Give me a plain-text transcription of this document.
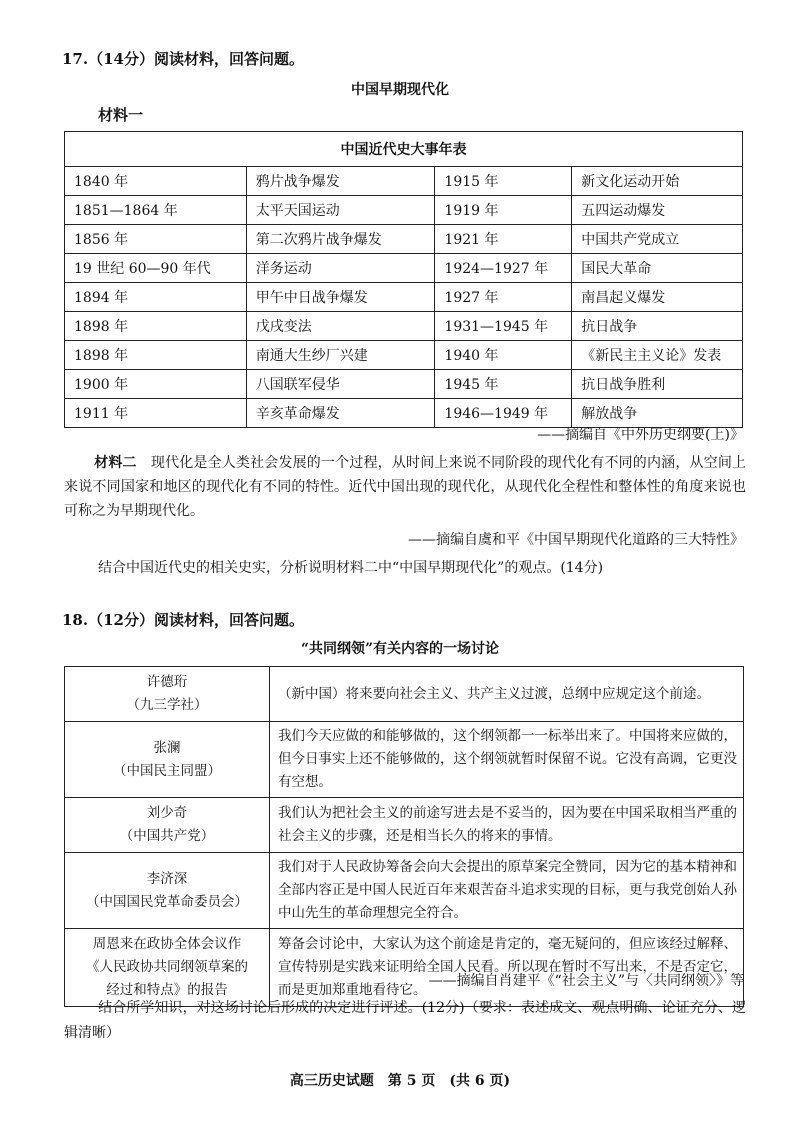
17.（14分）阅读材料，回答问题。
中国早期现代化
材料一
中国近代史大事年表			
1840 年	鸦片战争爆发	1915 年	新文化运动开始
1851—1864 年	太平天国运动	1919 年	五四运动爆发
1856 年	第二次鸦片战争爆发	1921 年	中国共产党成立
19 世纪 60—90 年代	洋务运动	1924—1927 年	国民大革命
1894 年	甲午中日战争爆发	1927 年	南昌起义爆发
1898 年	戊戌变法	1931—1945 年	抗日战争
1898 年	南通大生纱厂兴建	1940 年	《新民主主义论》发表
1900 年	八国联军侵华	1945 年	抗日战争胜利
1911 年	辛亥革命爆发	1946—1949 年	解放战争
——摘编自《中外历史纲要(上)》
材料二　 现代化是全人类社会发展的一个过程，从时间上来说不同阶段的现代化有不同的内涵，从空间上来说不同国家和地区的现代化有不同的特性。近代中国出现的现代化，从现代化全程性和整体性的角度来说也可称之为早期现代化。
——摘编自虞和平《中国早期现代化道路的三大特性》
结合中国近代史的相关史实，分析说明材料二中“中国早期现代化”的观点。(14分)
18.（12分）阅读材料，回答问题。
“共同纲领”有关内容的一场讨论
许德珩
（九三学社）	（新中国）将来要向社会主义、共产主义过渡，总纲中应规定这个前途。

张澜
（中国民主同盟）	我们今天应做的和能够做的，这个纲领都一一标举出来了。中国将来应做的，但今日事实上还不能够做的，这个纲领就暂时保留不说。它没有高调，它更没有空想。

刘少奇
（中国共产党）	我们认为把社会主义的前途写进去是不妥当的，因为要在中国采取相当严重的社会主义的步骤，还是相当长久的将来的事情。

李济深
（中国国民党革命委员会）	我们对于人民政协筹备会向大会提出的原草案完全赞同，因为它的基本精神和全部内容正是中国人民近百年来艰苦奋斗追求实现的目标，更与我党创始人孙中山先生的革命理想完全符合。

周恩来在政协全体会议作
《人民政协共同纲领草案的
经过和特点》的报告	筹备会讨论中，大家认为这个前途是肯定的，毫无疑问的，但应该经过解释、宣传特别是实践来证明给全国人民看。所以现在暂时不写出来，不是否定它，而是更加郑重地看待它。
——摘编自肖建平《“社会主义”与〈共同纲领〉》等
结合所学知识，对这场讨论后形成的决定进行评述。(12分)（要求：表述成文、观点明确、论证充分、逻辑清晰）
高三历史试题　第 5 页　(共 6 页)
